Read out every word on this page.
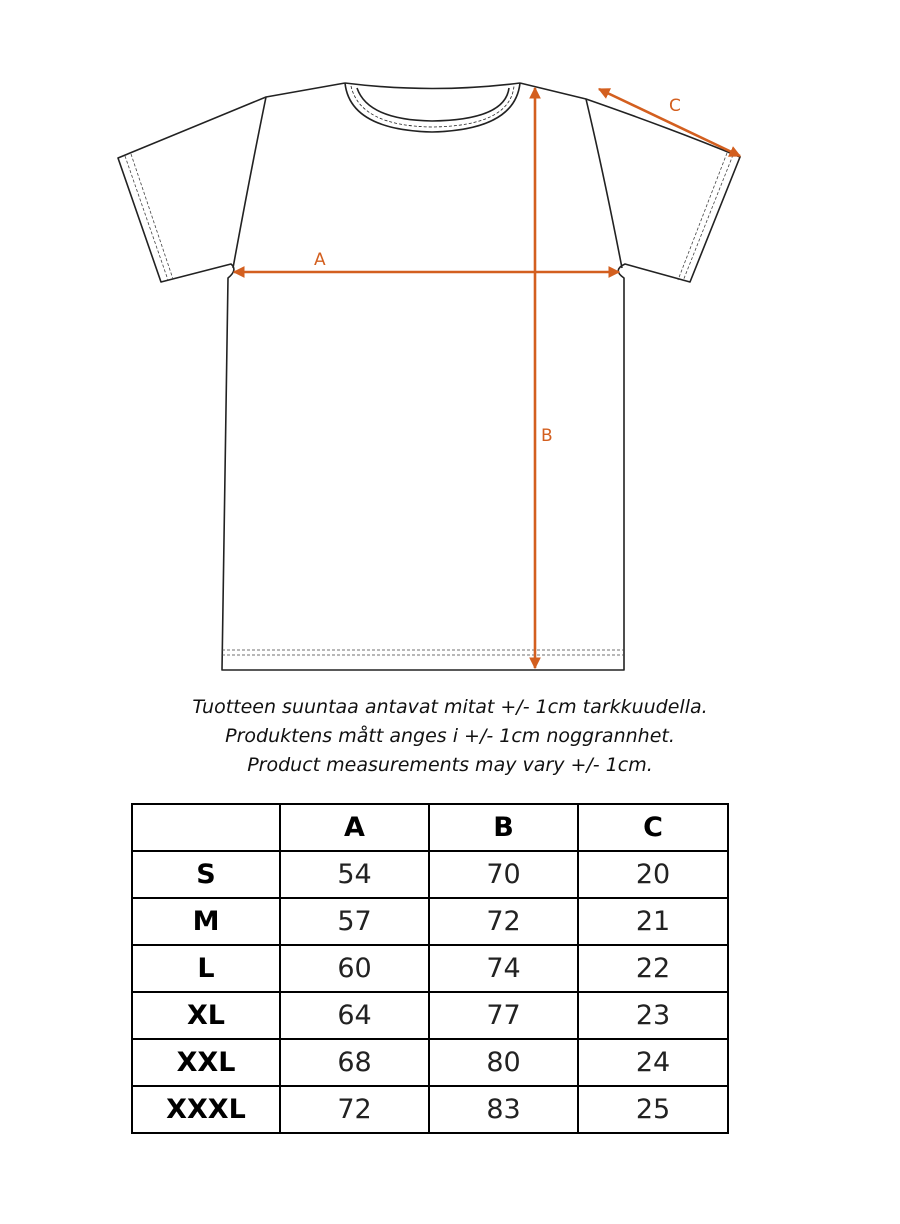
A
B
C
Tuotteen suuntaa antavat mitat +/- 1cm tarkkuudella.
Produktens mått anges i +/- 1cm noggrannhet.
Product measurements may vary +/- 1cm.
	A	B	C
S	54	70	20
M	57	72	21
L	60	74	22
XL	64	77	23
XXL	68	80	24
XXXL	72	83	25
